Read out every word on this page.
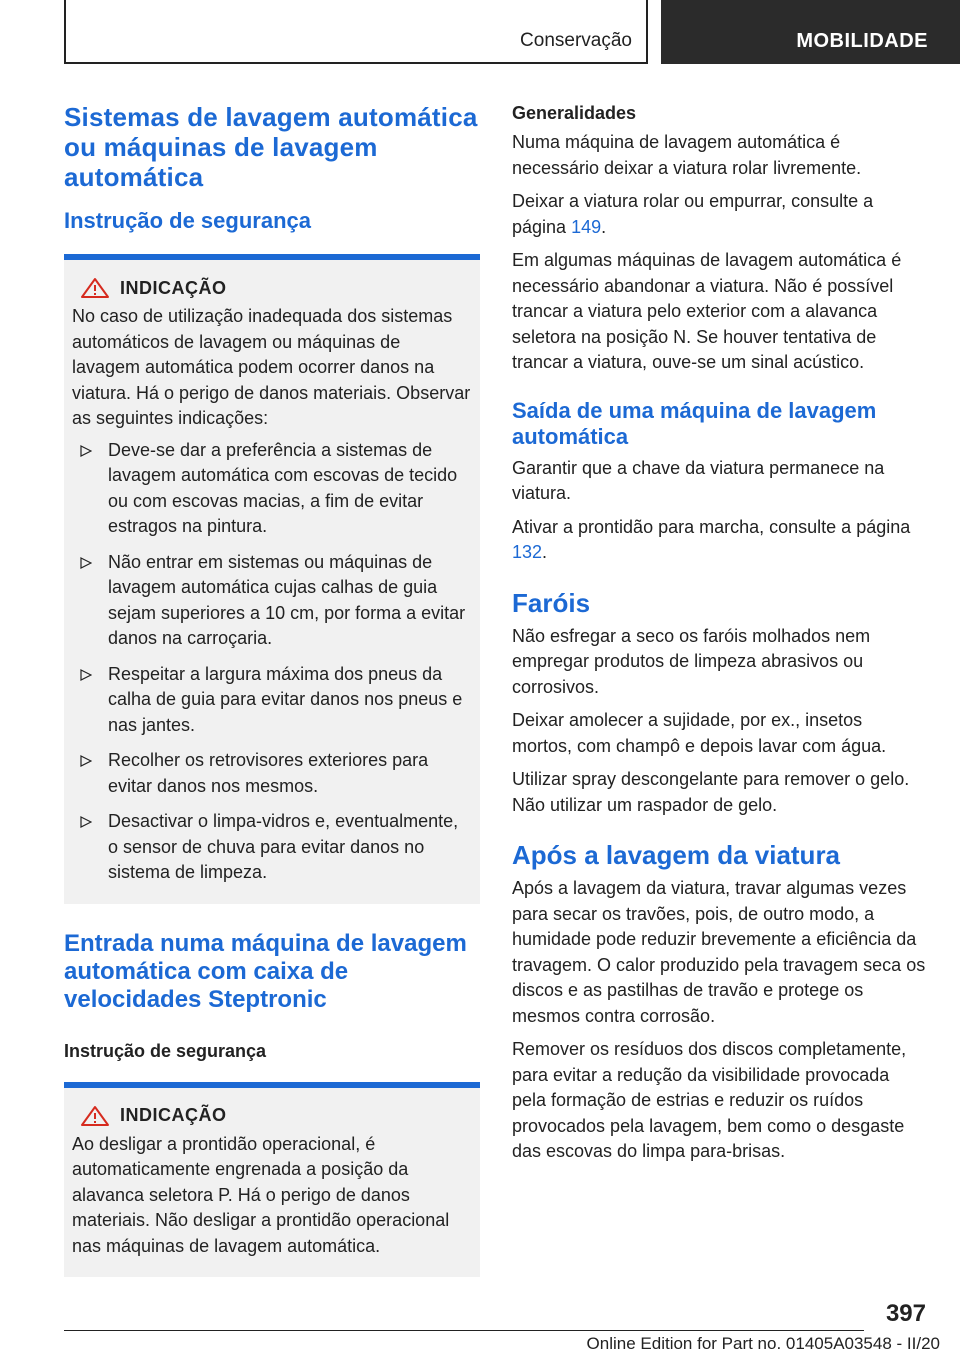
Conservação	MOBILIDADE
Sistemas de lavagem automática ou máquinas de lavagem automática
Instrução de segurança
INDICAÇÃO

No caso de utilização inadequada dos sistemas automáticos de lavagem ou máquinas de lavagem automática podem ocorrer danos na viatura. Há o perigo de danos materiais. Observar as seguintes indicações:

Deve-se dar a preferência a sistemas de lavagem automática com escovas de tecido ou com escovas macias, a fim de evitar estragos na pintura.
Não entrar em sistemas ou máquinas de lavagem automática cujas calhas de guia sejam superiores a 10 cm, por forma a evitar danos na carroçaria.
Respeitar a largura máxima dos pneus da calha de guia para evitar danos nos pneus e nas jantes.
Recolher os retrovisores exteriores para evitar danos nos mesmos.
Desactivar o limpa-vidros e, eventualmente, o sensor de chuva para evitar danos no sistema de limpeza.
Entrada numa máquina de lavagem automática com caixa de velocidades Steptronic
Instrução de segurança
INDICAÇÃO

Ao desligar a prontidão operacional, é automaticamente engrenada a posição da alavanca seletora P. Há o perigo de danos materiais. Não desligar a prontidão operacional nas máquinas de lavagem automática.

Generalidades

Numa máquina de lavagem automática é necessário deixar a viatura rolar livremente.

Deixar a viatura rolar ou empurrar, consulte a página 149.

Em algumas máquinas de lavagem automática é necessário abandonar a viatura. Não é possível trancar a viatura pelo exterior com a alavanca seletora na posição N. Se houver tentativa de trancar a viatura, ouve-se um sinal acústico.

Saída de uma máquina de lavagem automática

Garantir que a chave da viatura permanece na viatura.

Ativar a prontidão para marcha, consulte a página 132.

Faróis

Não esfregar a seco os faróis molhados nem empregar produtos de limpeza abrasivos ou corrosivos.

Deixar amolecer a sujidade, por ex., insetos mortos, com champô e depois lavar com água.

Utilizar spray descongelante para remover o gelo. Não utilizar um raspador de gelo.

Após a lavagem da viatura

Após a lavagem da viatura, travar algumas vezes para secar os travões, pois, de outro modo, a humidade pode reduzir brevemente a eficiência da travagem. O calor produzido pela travagem seca os discos e as pastilhas de travão e protege os mesmos contra corrosão.

Remover os resíduos dos discos completamente, para evitar a redução da visibilidade provocada pela formação de estrias e reduzir os ruídos provocados pela lavagem, bem como o desgaste das escovas do limpa para-brisas.

397
Online Edition for Part no. 01405A03548 - II/20
